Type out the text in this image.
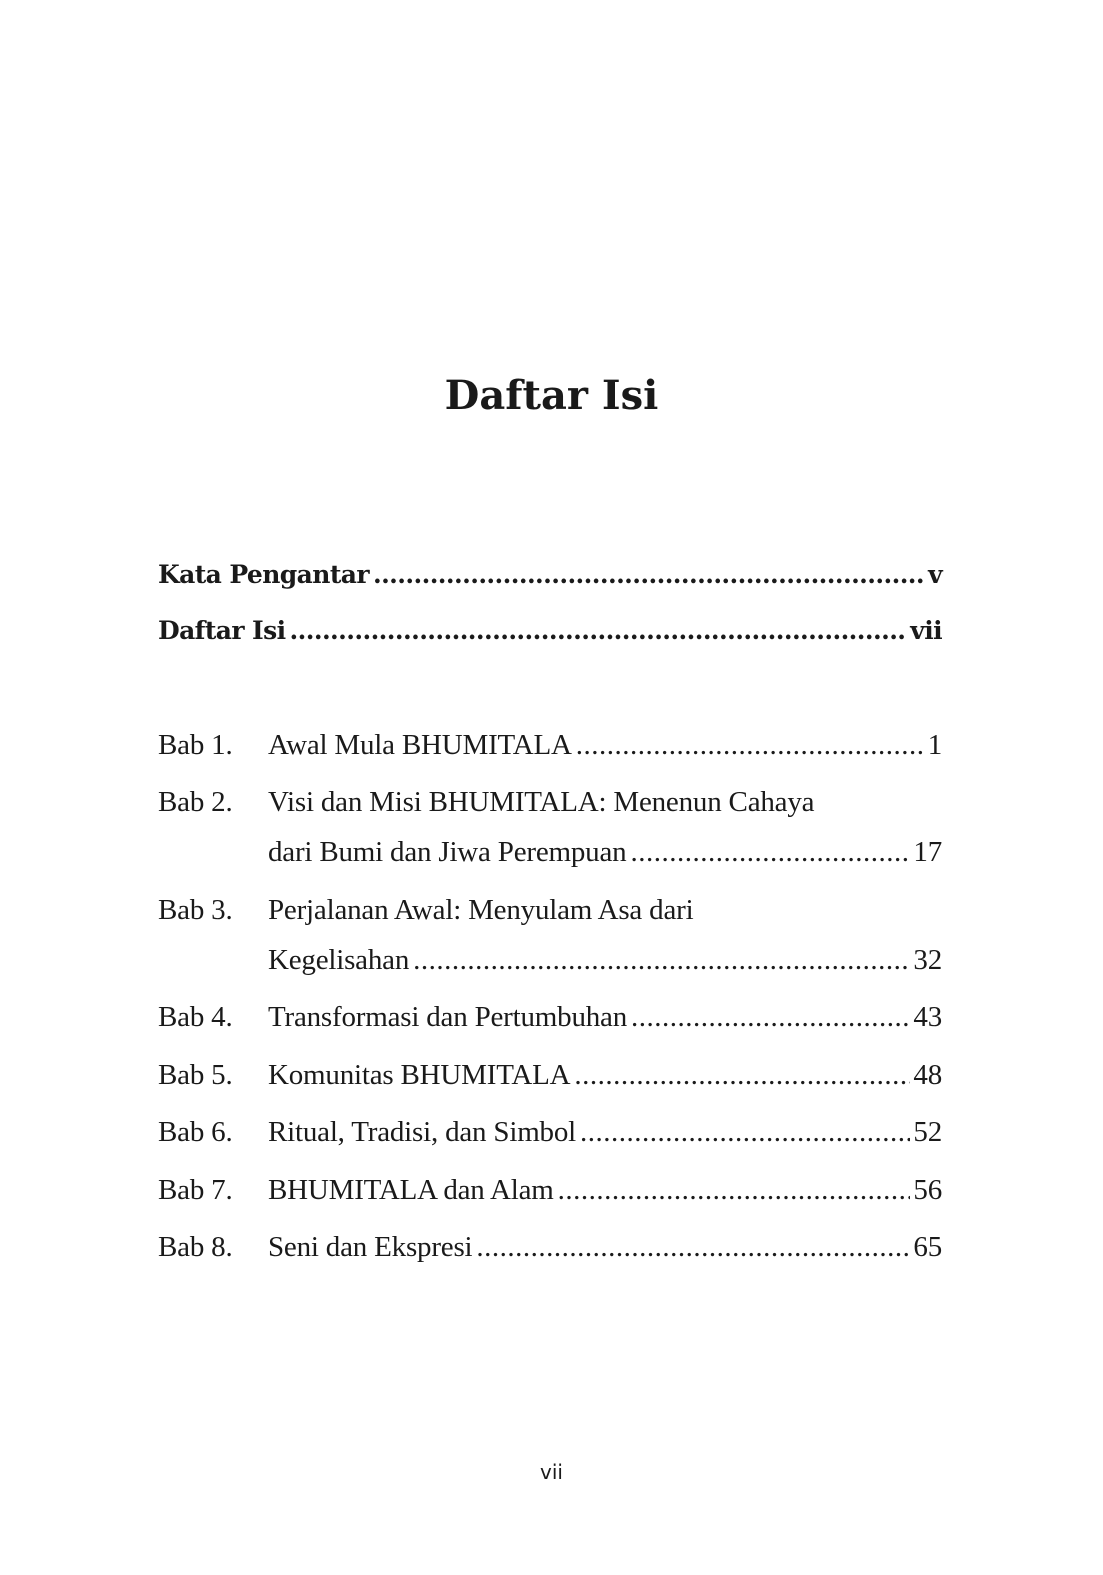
Daftar Isi
Kata Pengantar .....	v
Daftar Isi .....	vii
Bab 1.	Awal Mula BHUMITALA .....	1
Bab 2.	Visi dan Misi BHUMITALA: Menenun Cahaya
dari Bumi dan Jiwa Perempuan .....	17
Bab 3.	Perjalanan Awal: Menyulam Asa dari
Kegelisahan .....	32
Bab 4.	Transformasi dan Pertumbuhan .....	43
Bab 5.	Komunitas BHUMITALA .....	48
Bab 6.	Ritual, Tradisi, dan Simbol .....	52
Bab 7.	BHUMITALA dan Alam .....	56
Bab 8.	Seni dan Ekspresi .....	65
vii
